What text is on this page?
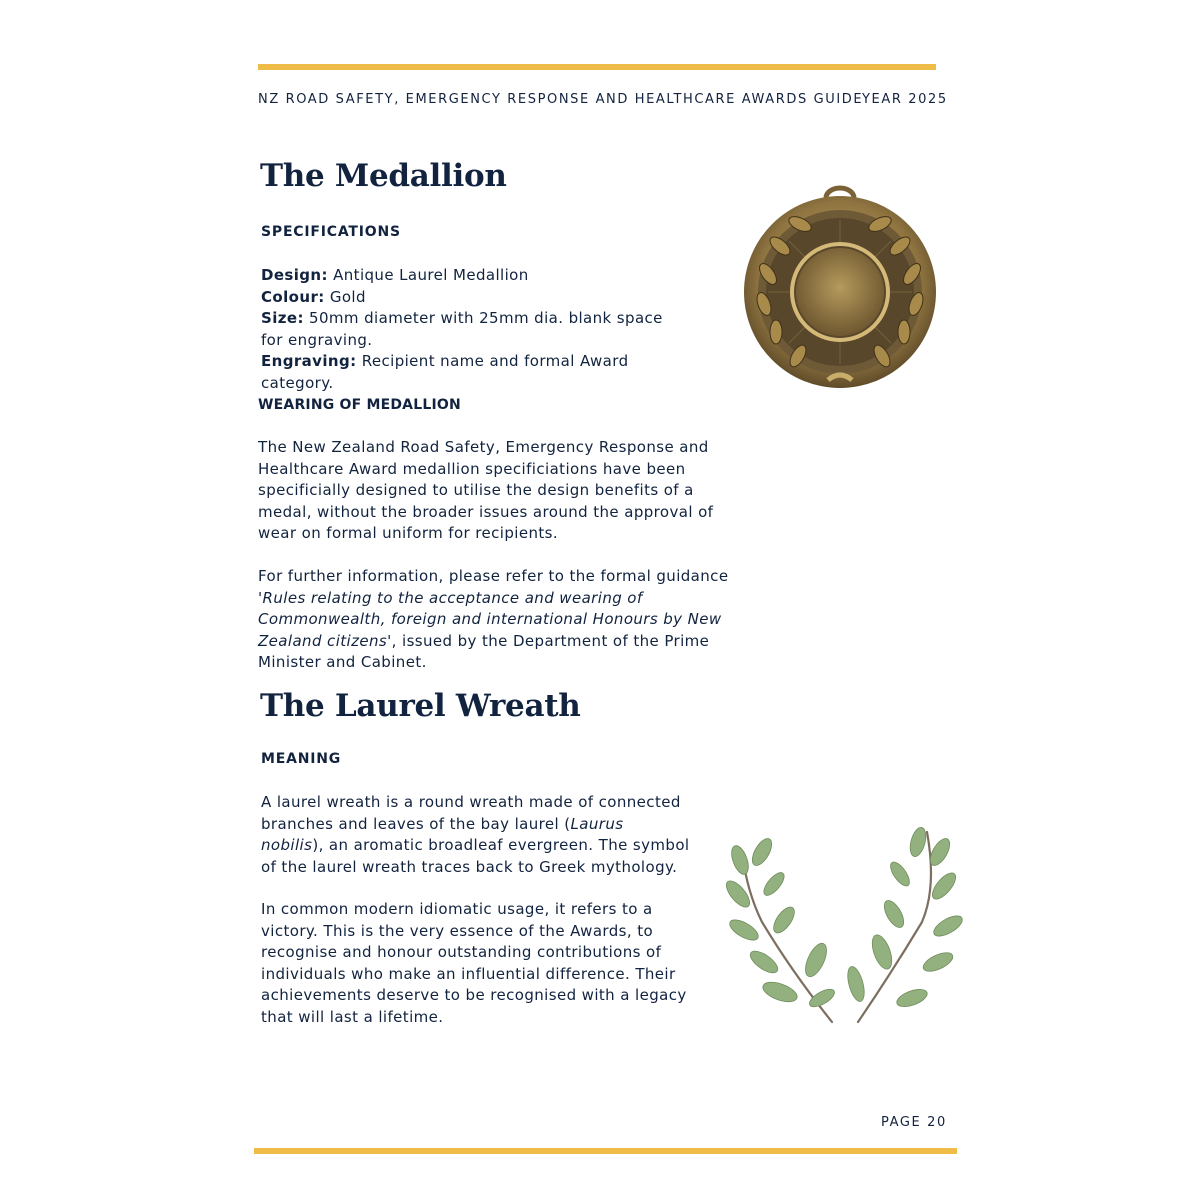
NZ ROAD SAFETY, EMERGENCY RESPONSE AND HEALTHCARE AWARDS GUIDE
YEAR 2025
The Medallion

SPECIFICATIONS

Design: Antique Laurel Medallion
Colour: Gold
Size: 50mm diameter with 25mm dia. blank space for engraving.
Engraving: Recipient name and formal Award category.

WEARING OF MEDALLION

The New Zealand Road Safety, Emergency Response and Healthcare Award medallion specificiations have been specificially designed to utilise the design benefits of a medal, without the broader issues around the approval of wear on formal uniform for recipients.

For further information, please refer to the formal guidance
'Rules relating to the acceptance and wearing of Commonwealth, foreign and international Honours by New Zealand citizens', issued by the Department of the Prime Minister and Cabinet.

The Laurel Wreath

MEANING

A laurel wreath is a round wreath made of connected branches and leaves of the bay laurel (Laurus nobilis), an aromatic broadleaf evergreen. The symbol of the laurel wreath traces back to Greek mythology.

In common modern idiomatic usage, it refers to a victory. This is the very essence of the Awards, to recognise and honour outstanding contributions of individuals who make an influential difference. Their achievements deserve to be recognised with a legacy that will last a lifetime.

PAGE 20
